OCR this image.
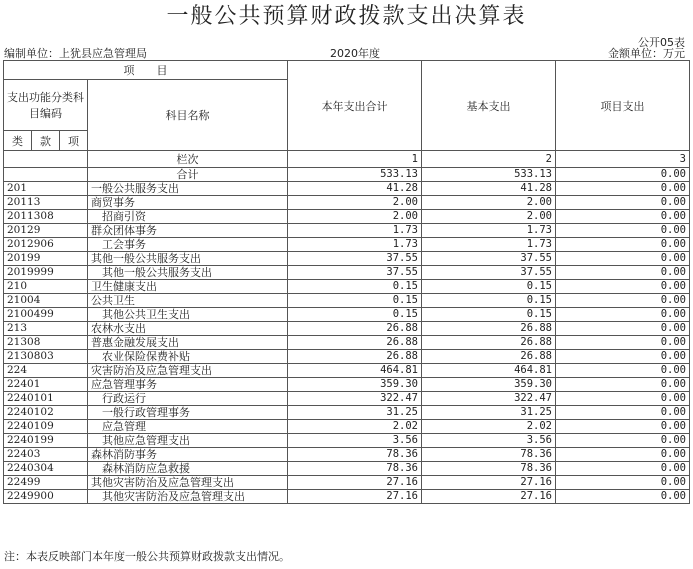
一般公共预算财政拨款支出决算表
公开05表
编制单位：上犹县应急管理局	2020年度	金额单位：万元
项　　目				本年支出合计	基本支出	项目支出
支出功能分类科目编码			科目名称			
类	款	项				
			栏次	1	2	3
			合计	533.13	533.13	0.00
201			一般公共服务支出	41.28	41.28	0.00
20113			商贸事务	2.00	2.00	0.00
2011308			招商引资	2.00	2.00	0.00
20129			群众团体事务	1.73	1.73	0.00
2012906			工会事务	1.73	1.73	0.00
20199			其他一般公共服务支出	37.55	37.55	0.00
2019999			其他一般公共服务支出	37.55	37.55	0.00
210			卫生健康支出	0.15	0.15	0.00
21004			公共卫生	0.15	0.15	0.00
2100499			其他公共卫生支出	0.15	0.15	0.00
213			农林水支出	26.88	26.88	0.00
21308			普惠金融发展支出	26.88	26.88	0.00
2130803			农业保险保费补贴	26.88	26.88	0.00
224			灾害防治及应急管理支出	464.81	464.81	0.00
22401			应急管理事务	359.30	359.30	0.00
2240101			行政运行	322.47	322.47	0.00
2240102			一般行政管理事务	31.25	31.25	0.00
2240109			应急管理	2.02	2.02	0.00
2240199			其他应急管理支出	3.56	3.56	0.00
22403			森林消防事务	78.36	78.36	0.00
2240304			森林消防应急救援	78.36	78.36	0.00
22499			其他灾害防治及应急管理支出	27.16	27.16	0.00
2249900			其他灾害防治及应急管理支出	27.16	27.16	0.00
注：本表反映部门本年度一般公共预算财政拨款支出情况。
